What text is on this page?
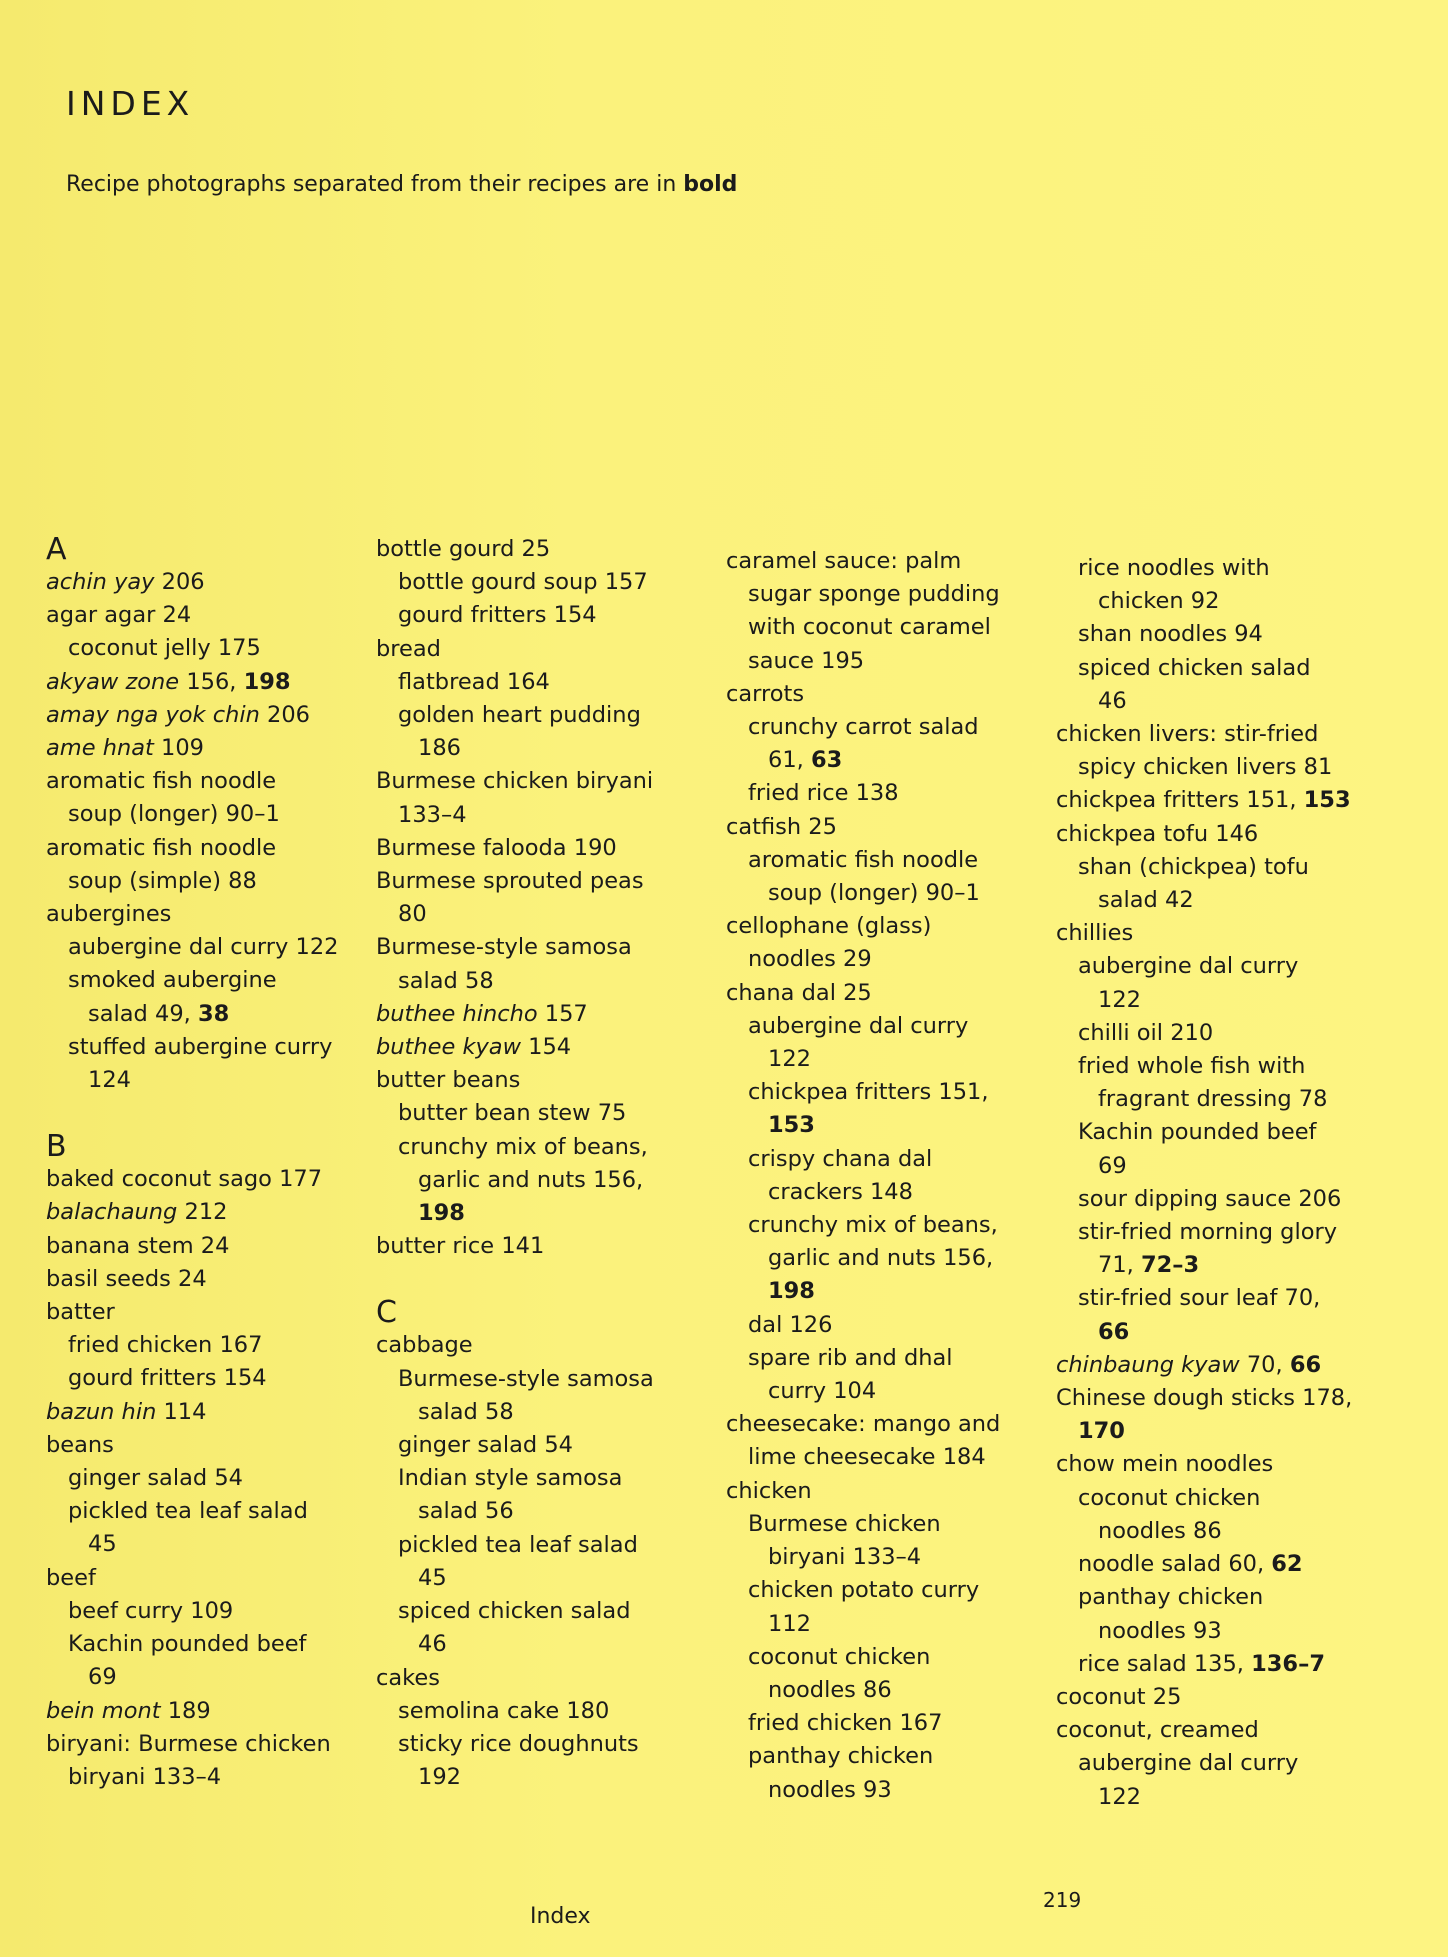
INDEX
Recipe photographs separated from their recipes are in bold
A
achin yay 206
agar agar 24
coconut jelly 175
akyaw zone 156, 198
amay nga yok chin 206
ame hnat 109
aromatic fish noodle
soup (longer) 90–1
aromatic fish noodle
soup (simple) 88
aubergines
aubergine dal curry 122
smoked aubergine
salad 49, 38
stuffed aubergine curry
124
B
baked coconut sago 177
balachaung 212
banana stem 24
basil seeds 24
batter
fried chicken 167
gourd fritters 154
bazun hin 114
beans
ginger salad 54
pickled tea leaf salad
45
beef
beef curry 109
Kachin pounded beef
69
bein mont 189
biryani: Burmese chicken
biryani 133–4
bottle gourd 25
bottle gourd soup 157
gourd fritters 154
bread
flatbread 164
golden heart pudding
186
Burmese chicken biryani
133–4
Burmese falooda 190
Burmese sprouted peas
80
Burmese-style samosa
salad 58
buthee hincho 157
buthee kyaw 154
butter beans
butter bean stew 75
crunchy mix of beans,
garlic and nuts 156,
198
butter rice 141
C
cabbage
Burmese-style samosa
salad 58
ginger salad 54
Indian style samosa
salad 56
pickled tea leaf salad
45
spiced chicken salad
46
cakes
semolina cake 180
sticky rice doughnuts
192
caramel sauce: palm
sugar sponge pudding
with coconut caramel
sauce 195
carrots
crunchy carrot salad
61, 63
fried rice 138
catfish 25
aromatic fish noodle
soup (longer) 90–1
cellophane (glass)
noodles 29
chana dal 25
aubergine dal curry
122
chickpea fritters 151,
153
crispy chana dal
crackers 148
crunchy mix of beans,
garlic and nuts 156,
198
dal 126
spare rib and dhal
curry 104
cheesecake: mango and
lime cheesecake 184
chicken
Burmese chicken
biryani 133–4
chicken potato curry
112
coconut chicken
noodles 86
fried chicken 167
panthay chicken
noodles 93
rice noodles with
chicken 92
shan noodles 94
spiced chicken salad
46
chicken livers: stir-fried
spicy chicken livers 81
chickpea fritters 151, 153
chickpea tofu 146
shan (chickpea) tofu
salad 42
chillies
aubergine dal curry
122
chilli oil 210
fried whole fish with
fragrant dressing 78
Kachin pounded beef
69
sour dipping sauce 206
stir-fried morning glory
71, 72–3
stir-fried sour leaf 70,
66
chinbaung kyaw 70, 66
Chinese dough sticks 178,
170
chow mein noodles
coconut chicken
noodles 86
noodle salad 60, 62
panthay chicken
noodles 93
rice salad 135, 136–7
coconut 25
coconut, creamed
aubergine dal curry
122
Index
219
